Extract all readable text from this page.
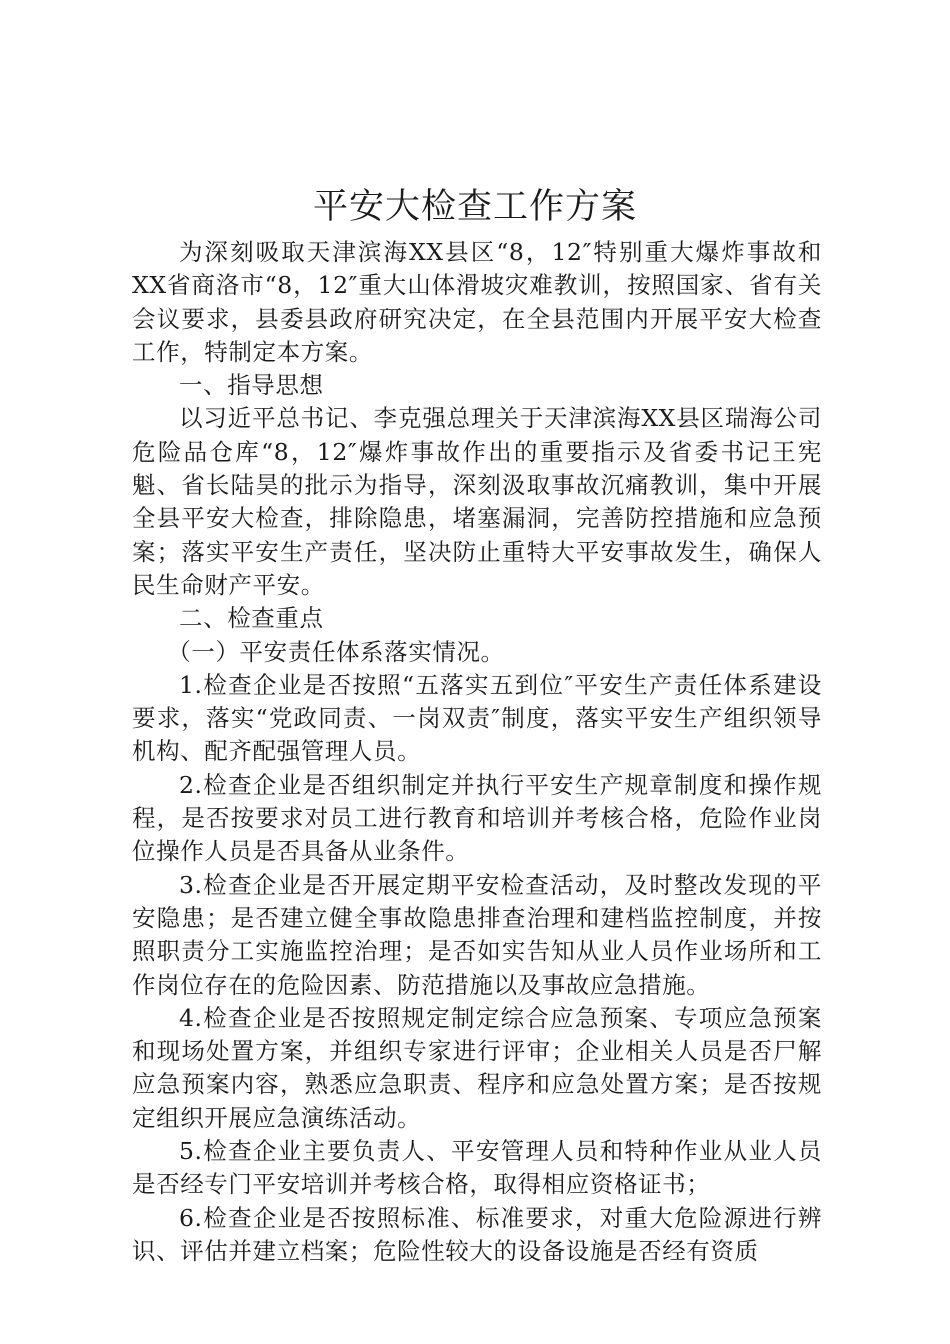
平安大检查工作方案

为深刻吸取天津滨海XX县区“8，12″特别重大爆炸事故和XX省商洛市“8，12″重大山体滑坡灾难教训，按照国家、省有关会议要求，县委县政府研究决定，在全县范围内开展平安大检查工作，特制定本方案。

一、指导思想

以习近平总书记、李克强总理关于天津滨海XX县区瑞海公司危险品仓库“8，12″爆炸事故作出的重要指示及省委书记王宪魁、省长陆昊的批示为指导，深刻汲取事故沉痛教训，集中开展全县平安大检查，排除隐患，堵塞漏洞，完善防控措施和应急预案；落实平安生产责任，坚决防止重特大平安事故发生，确保人民生命财产平安。

二、检查重点

（一）平安责任体系落实情况。

1.检查企业是否按照“五落实五到位″平安生产责任体系建设要求，落实“党政同责、一岗双责″制度，落实平安生产组织领导机构、配齐配强管理人员。

2.检查企业是否组织制定并执行平安生产规章制度和操作规程，是否按要求对员工进行教育和培训并考核合格，危险作业岗位操作人员是否具备从业条件。

3.检查企业是否开展定期平安检查活动，及时整改发现的平安隐患；是否建立健全事故隐患排查治理和建档监控制度，并按照职责分工实施监控治理；是否如实告知从业人员作业场所和工作岗位存在的危险因素、防范措施以及事故应急措施。

4.检查企业是否按照规定制定综合应急预案、专项应急预案和现场处置方案，并组织专家进行评审；企业相关人员是否尸解应急预案内容，熟悉应急职责、程序和应急处置方案；是否按规定组织开展应急演练活动。

5.检查企业主要负责人、平安管理人员和特种作业从业人员是否经专门平安培训并考核合格，取得相应资格证书；

6.检查企业是否按照标准、标准要求，对重大危险源进行辨识、评估并建立档案；危险性较大的设备设施是否经有资质
